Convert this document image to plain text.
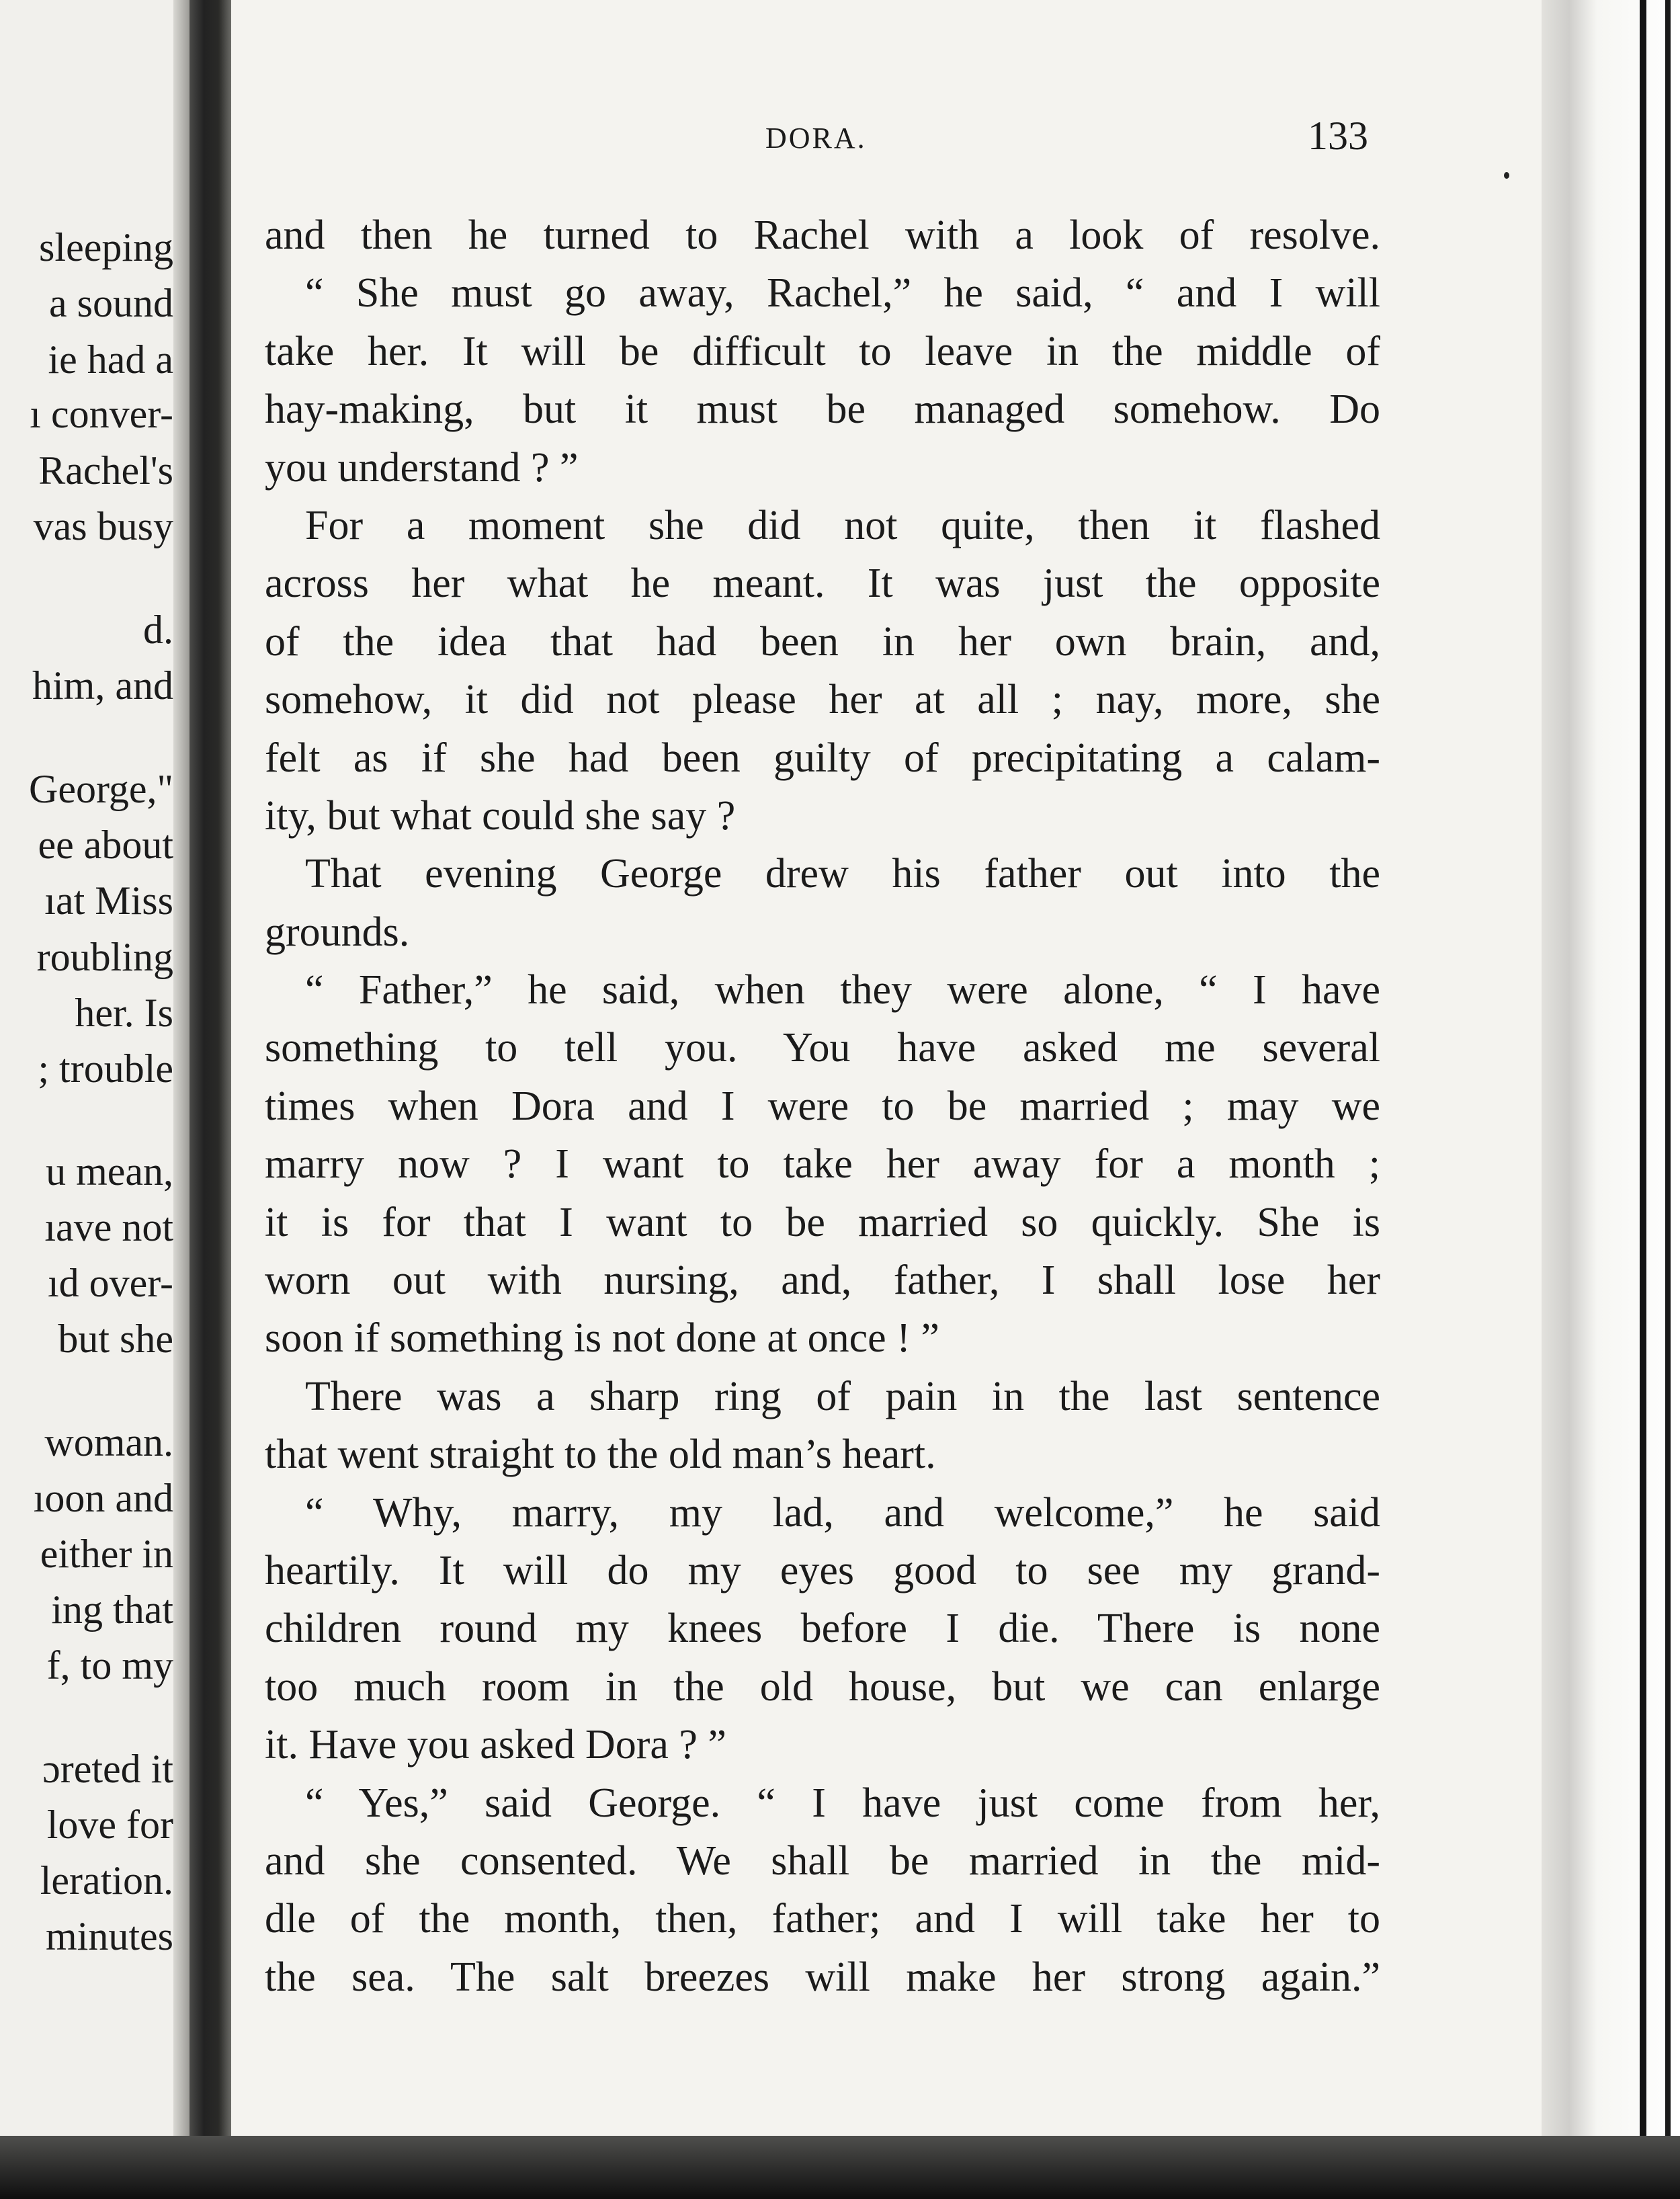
sleeping
a sound
ie had a
ı conver-
Rachel's
vas busy
d.
him, and
George,"
ee about
ıat Miss
roubling
her. Is
; trouble
u mean,
ıave not
ıd over-
but she
woman.
ıoon and
either in
ing that
f, to my
ɔreted it
love for
leration.
minutes
DORA.	133
and then he turned to Rachel with a look of resolve.
“ She must go away, Rachel,” he said, “ and I will
take her. It will be difficult to leave in the middle of
hay-making, but it must be managed somehow. Do
you understand ? ”
For a moment she did not quite, then it flashed
across her what he meant. It was just the opposite
of the idea that had been in her own brain, and,
somehow, it did not please her at all ; nay, more, she
felt as if she had been guilty of precipitating a calam-
ity, but what could she say ?
That evening George drew his father out into the
grounds.
“ Father,” he said, when they were alone, “ I have
something to tell you. You have asked me several
times when Dora and I were to be married ; may we
marry now ? I want to take her away for a month ;
it is for that I want to be married so quickly. She is
worn out with nursing, and, father, I shall lose her
soon if something is not done at once ! ”
There was a sharp ring of pain in the last sentence
that went straight to the old man’s heart.
“ Why, marry, my lad, and welcome,” he said
heartily. It will do my eyes good to see my grand-
children round my knees before I die. There is none
too much room in the old house, but we can enlarge
it. Have you asked Dora ? ”
“ Yes,” said George. “ I have just come from her,
and she consented. We shall be married in the mid-
dle of the month, then, father; and I will take her to
the sea. The salt breezes will make her strong again.”
